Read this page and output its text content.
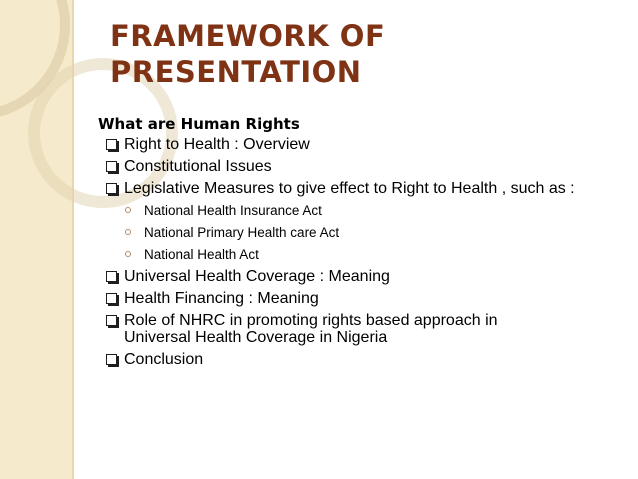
FRAMEWORK OF
PRESENTATION
What are Human Rights
Right to Health : Overview
Constitutional Issues
Legislative Measures to give effect to Right to Health , such as :
National Health Insurance Act
National Primary Health care Act
National Health Act
Universal Health Coverage : Meaning
Health Financing : Meaning
Role of NHRC in promoting rights based approach in
Universal Health Coverage in Nigeria
Conclusion
